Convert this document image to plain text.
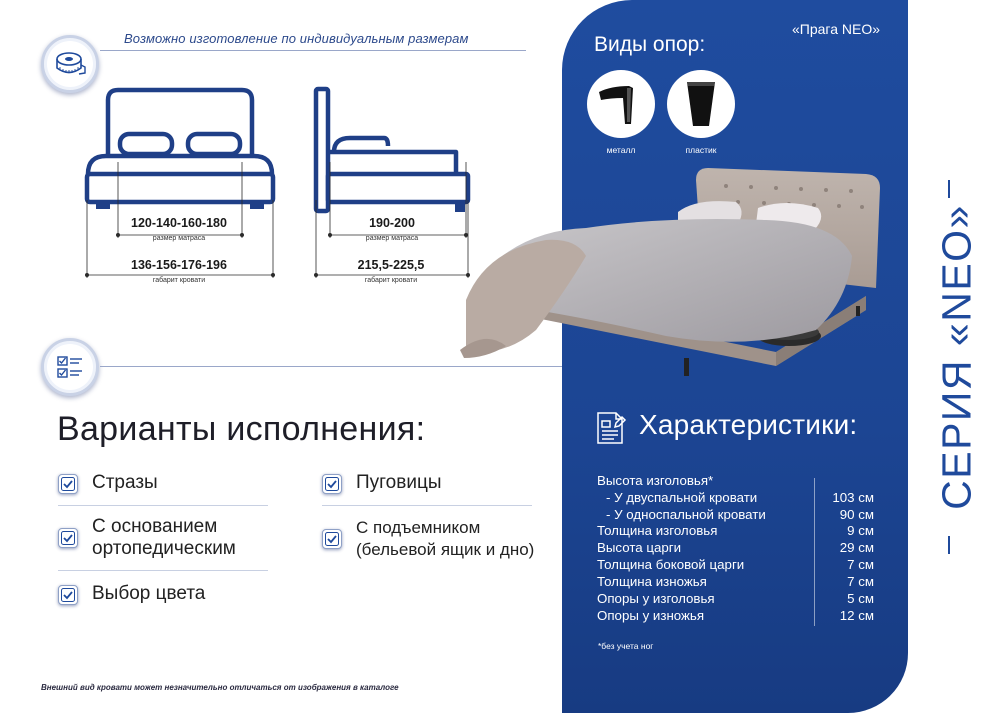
Возможно изготовление по индивидуальным размерам
120-140-160-180
размер матраса
136-156-176-196
габарит кровати
190-200
размер матраса
215,5-225,5
габарит кровати
Варианты исполнения:
Стразы
С основанием
ортопедическим
Выбор цвета
Пуговицы
С подъемником
(бельевой ящик и дно)
Внешний вид кровати может незначительно отличаться от изображения в каталоге
Виды опор:
«Прага NEO»
металл	пластик
Характеристики:
Высота изголовья*
- У двуспальной кровати	103 см
- У односпальной кровати	90 см
Толщина изголовья	9 см
Высота царги	29 см
Толщина боковой царги	7 см
Толщина изножья	7 см
Опоры у изголовья	5 см
Опоры у изножья	12 см
*без учета ног
СЕРИЯ «NEO»
